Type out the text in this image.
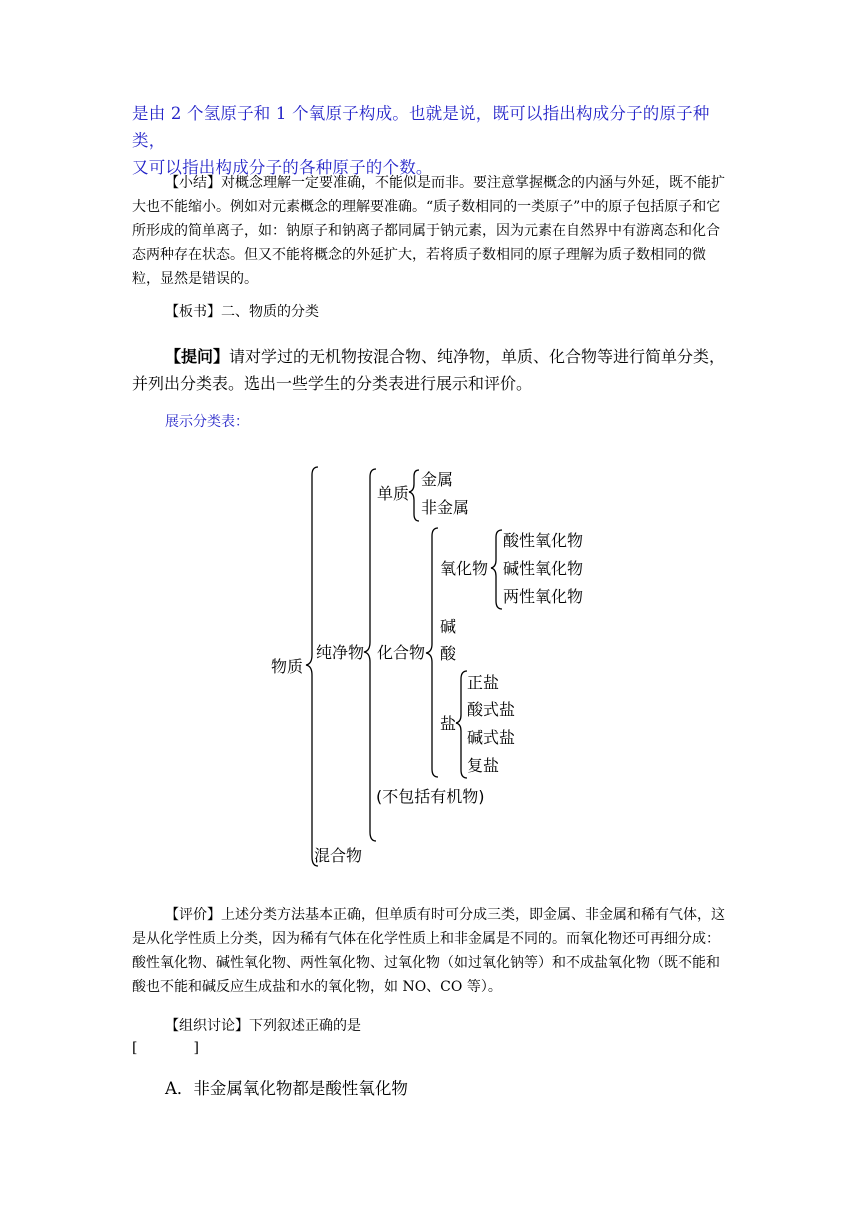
是由 2 个氢原子和 1 个氧原子构成。也就是说，既可以指出构成分子的原子种类，
又可以指出构成分子的各种原子的个数。
【小结】对概念理解一定要准确，不能似是而非。要注意掌握概念的内涵与外延，既不能扩大也不能缩小。例如对元素概念的理解要准确。“质子数相同的一类原子”中的原子包括原子和它所形成的简单离子，如：钠原子和钠离子都同属于钠元素，因为元素在自然界中有游离态和化合态两种存在状态。但又不能将概念的外延扩大，若将质子数相同的原子理解为质子数相同的微粒，显然是错误的。
【板书】二、物质的分类
【提问】请对学过的无机物按混合物、纯净物，单质、化合物等进行简单分类，并列出分类表。选出一些学生的分类表进行展示和评价。
展示分类表：
物质
纯净物
混合物
单质
金属
非金属
化合物
氧化物
酸性氧化物
碱性氧化物
两性氧化物
碱
酸
盐
正盐
酸式盐
碱式盐
复盐
(不包括有机物)
【评价】上述分类方法基本正确，但单质有时可分成三类，即金属、非金属和稀有气体，这是从化学性质上分类，因为稀有气体在化学性质上和非金属是不同的。而氧化物还可再细分成：酸性氧化物、碱性氧化物、两性氧化物、过氧化物（如过氧化钠等）和不成盐氧化物（既不能和酸也不能和碱反应生成盐和水的氧化物，如 NO、CO 等）。
【组织讨论】下列叙述正确的是
[　　　　]
A．非金属氧化物都是酸性氧化物
